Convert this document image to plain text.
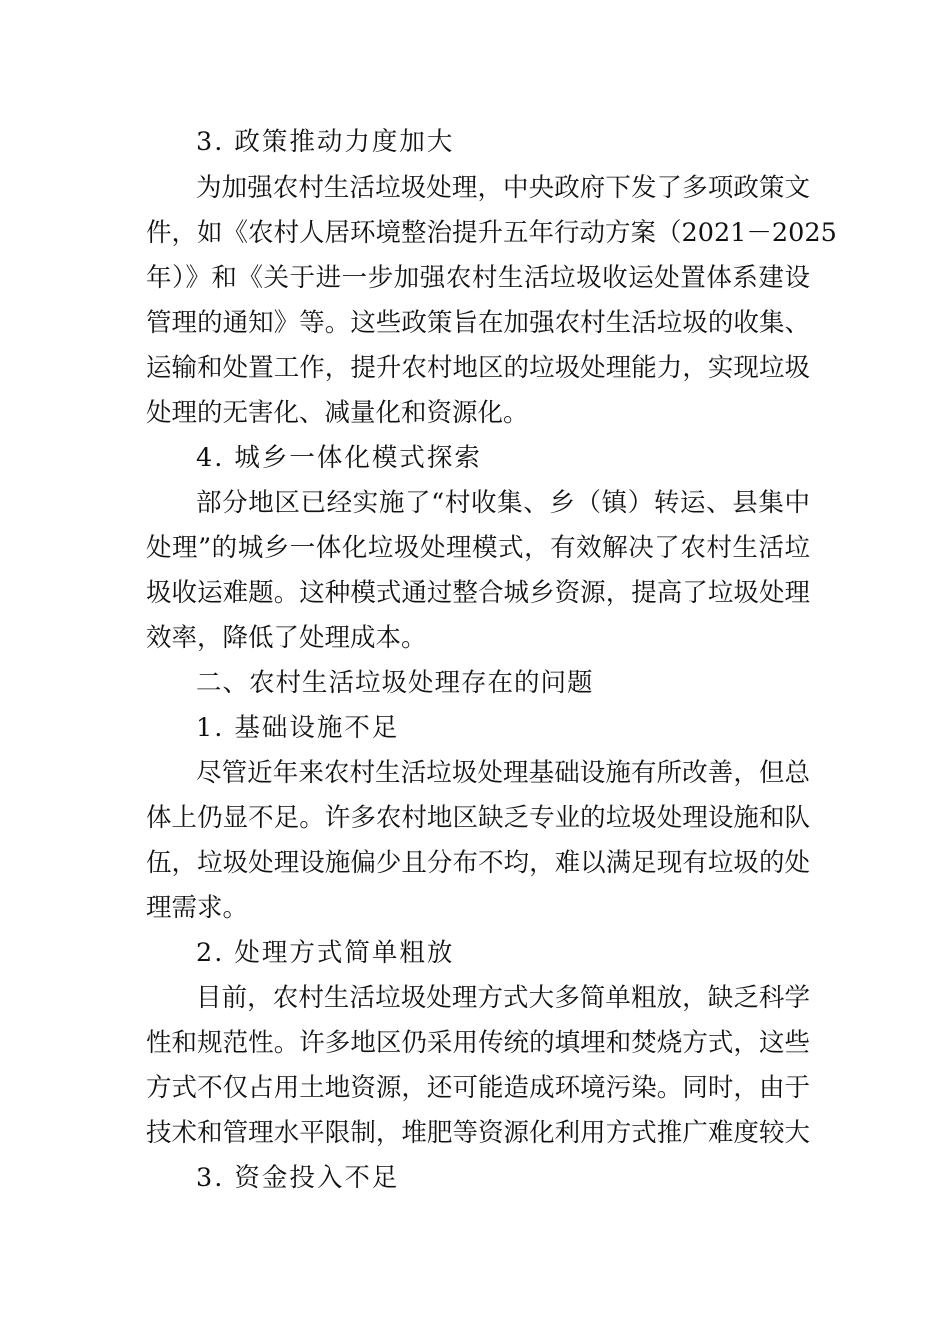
3. 政策推动力度加大
为加强农村生活垃圾处理，中央政府下发了多项政策文
件，如《农村人居环境整治提升五年行动方案（2021－2025
年）》和《关于进一步加强农村生活垃圾收运处置体系建设
管理的通知》等。这些政策旨在加强农村生活垃圾的收集、
运输和处置工作，提升农村地区的垃圾处理能力，实现垃圾
处理的无害化、减量化和资源化。
4. 城乡一体化模式探索
部分地区已经实施了“村收集、乡（镇）转运、县集中
处理”的城乡一体化垃圾处理模式，有效解决了农村生活垃
圾收运难题。这种模式通过整合城乡资源，提高了垃圾处理
效率，降低了处理成本。
二、农村生活垃圾处理存在的问题
1. 基础设施不足
尽管近年来农村生活垃圾处理基础设施有所改善，但总
体上仍显不足。许多农村地区缺乏专业的垃圾处理设施和队
伍，垃圾处理设施偏少且分布不均，难以满足现有垃圾的处
理需求。
2. 处理方式简单粗放
目前，农村生活垃圾处理方式大多简单粗放，缺乏科学
性和规范性。许多地区仍采用传统的填埋和焚烧方式，这些
方式不仅占用土地资源，还可能造成环境污染。同时，由于
技术和管理水平限制，堆肥等资源化利用方式推广难度较大
3. 资金投入不足
